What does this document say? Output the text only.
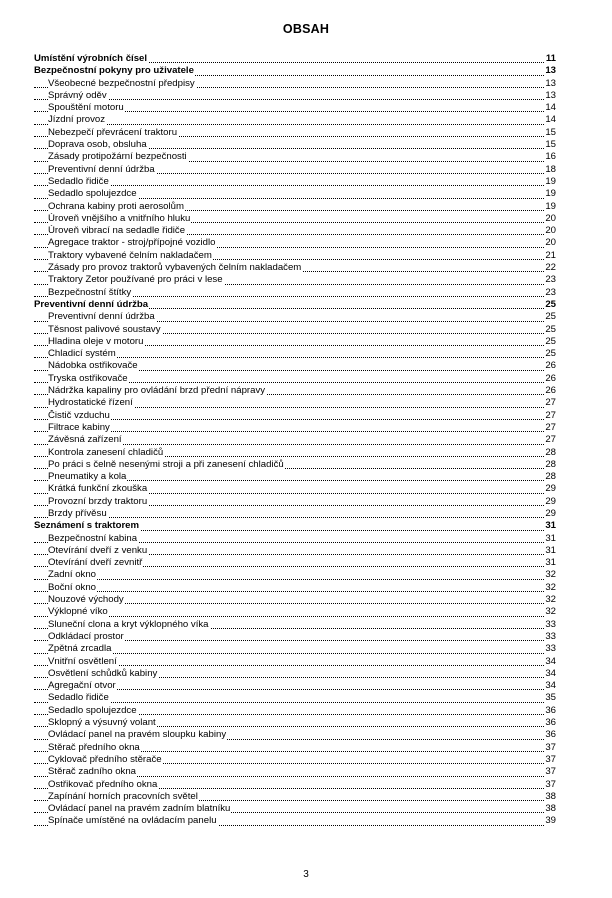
OBSAH
Umístění výrobních čísel	11
Bezpečnostní pokyny pro uživatele	13
Všeobecné bezpečnostní předpisy	13
Správný oděv	13
Spouštění motoru	14
Jízdní provoz	14
Nebezpečí převrácení traktoru	15
Doprava osob, obsluha	15
Zásady protipožární bezpečnosti	16
Preventivní denní údržba	18
Sedadlo řidiče	19
Sedadlo spolujezdce	19
Ochrana kabiny proti aerosolům	19
Úroveň vnějšího a vnitřního hluku	20
Úroveň vibrací na sedadle řidiče	20
Agregace traktor - stroj/přípojné vozidlo	20
Traktory vybavené čelním nakladačem	21
Zásady pro provoz traktorů vybavených čelním nakladačem	22
Traktory Zetor používané pro práci v lese	23
Bezpečnostní štítky	23
Preventivní denní údržba	25
Preventivní denní údržba	25
Těsnost palivové soustavy	25
Hladina oleje v motoru	25
Chladicí systém	25
Nádobka ostřikovače	26
Tryska ostřikovače	26
Nádržka kapaliny pro ovládání brzd přední nápravy	26
Hydrostatické řízení	27
Čistič vzduchu	27
Filtrace kabiny	27
Závěsná zařízení	27
Kontrola zanesení chladičů	28
Po práci s čelně nesenými stroji a při zanesení chladičů	28
Pneumatiky a kola	28
Krátká funkční zkouška	29
Provozní brzdy traktoru	29
Brzdy přívěsu	29
Seznámení s traktorem	31
Bezpečnostní kabina	31
Otevírání dveří z venku	31
Otevírání dveří zevnitř	31
Zadní okno	32
Boční okno	32
Nouzové východy	32
Výklopné víko	32
Sluneční clona a kryt výklopného víka	33
Odkládací prostor	33
Zpětná zrcadla	33
Vnitřní osvětlení	34
Osvětlení schůdků kabiny	34
Agregační otvor	34
Sedadlo řidiče	35
Sedadlo spolujezdce	36
Sklopný a výsuvný volant	36
Ovládací panel na pravém sloupku kabiny	36
Stěrač předního okna	37
Cyklovač předního stěrače	37
Stěrač zadního okna	37
Ostřikovač předního okna	37
Zapínání horních pracovních světel	38
Ovládací panel na pravém zadním blatníku	38
Spínače umístěné na ovládacím panelu	39
3
